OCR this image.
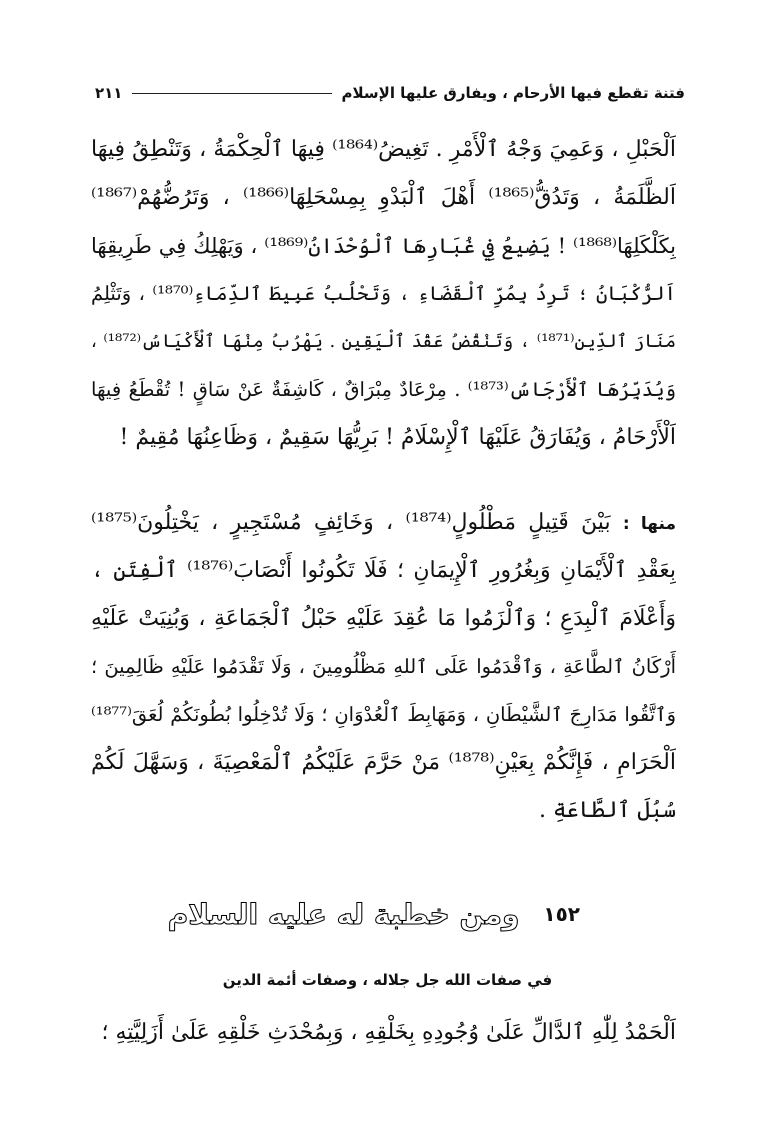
فتنة تقطع فيها الأرحام ، ويفارق عليها الإسلام
٢١١
اَلْحَبْلِ ، وَعَمِيَ وَجْهُ ٱلْأَمْرِ . تَغِيضُ⁽¹⁸⁶⁴⁾ فِيهَا ٱلْحِكْمَةُ ، وَتَنْطِقُ فِيهَا
اَلظَّلَمَةُ ، وَتَدُقُّ⁽¹⁸⁶⁵⁾ أَهْلَ ٱلْبَدْوِ بِمِسْحَلِهَا⁽¹⁸⁶⁶⁾ ، وَتَرُضُّهُمْ⁽¹⁸⁶⁷⁾
بِكَلْكَلِهَا⁽¹⁸⁶⁸⁾ ! يَضِيعُ فِي غُبَارِهَا ٱلْوُحْدَانُ⁽¹⁸⁶⁹⁾ ، وَيَهْلِكُ فِي طَرِيقِهَا
اَلرُّكْبَانُ ؛ تَرِدُ بِمُرِّ ٱلْقَضَاءِ ، وَتَحْلُبُ عَبِيطَ ٱلدِّمَاءِ⁽¹⁸⁷⁰⁾ ، وَتَثْلِمُ
مَنَارَ ٱلدِّينِ⁽¹⁸⁷¹⁾ ، وَتَنْقُضُ عَقْدَ ٱلْيَقِينِ . يَهْرُبُ مِنْهَا ٱلْأَكْيَاسُ⁽¹⁸⁷²⁾ ،
وَيُدَبِّرُهَا ٱلْأَرْجَاسُ⁽¹⁸⁷³⁾ . مِرْعَادٌ مِبْرَاقٌ ، كَاشِفَةٌ عَنْ سَاقٍ ! تُقْطَعُ فِيهَا
اَلْأَرْحَامُ ، وَيُفَارَقُ عَلَيْهَا ٱلْإِسْلَامُ ! بَرِيُّهَا سَقِيمٌ ، وَظَاعِنُهَا مُقِيمٌ !
منها : بَيْنَ قَتِيلٍ مَطْلُولٍ⁽¹⁸⁷⁴⁾ ، وَخَائِفٍ مُسْتَجِيرٍ ، يَخْتِلُونَ⁽¹⁸⁷⁵⁾
بِعَقْدِ ٱلْأَيْمَانِ وَبِغُرُورِ ٱلْإِيمَانِ ؛ فَلَا تَكُونُوا أَنْصَابَ⁽¹⁸⁷⁶⁾ ٱلْفِتَنِ ،
وَأَعْلَامَ ٱلْبِدَعِ ؛ وَٱلْزَمُوا مَا عُقِدَ عَلَيْهِ حَبْلُ ٱلْجَمَاعَةِ ، وَبُنِيَتْ عَلَيْهِ
أَرْكَانُ ٱلطَّاعَةِ ، وَٱقْدَمُوا عَلَى ٱللهِ مَظْلُومِينَ ، وَلَا تَقْدَمُوا عَلَيْهِ ظَالِمِينَ ؛
وَٱتَّقُوا مَدَارِجَ ٱلشَّيْطَانِ ، وَمَهَابِطَ ٱلْعُدْوَانِ ؛ وَلَا تُدْخِلُوا بُطُونَكُمْ لُعَقَ⁽¹⁸⁷⁷⁾
اَلْحَرَامِ ، فَإِنَّكُمْ بِعَيْنِ⁽¹⁸⁷⁸⁾ مَنْ حَرَّمَ عَلَيْكُمُ ٱلْمَعْصِيَةَ ، وَسَهَّلَ لَكُمْ
سُبُلَ ٱلطَّاعَةِ .
١٥٢
ومن خطبة له عليه السلام
في صفات الله جل جلاله ، وصفات أئمة الدين
اَلْحَمْدُ لِلّٰهِ ٱلدَّالِّ عَلَىٰ وُجُودِهِ بِخَلْقِهِ ، وَبِمُحْدَثِ خَلْقِهِ عَلَىٰ أَزَلِيَّتِهِ ؛
